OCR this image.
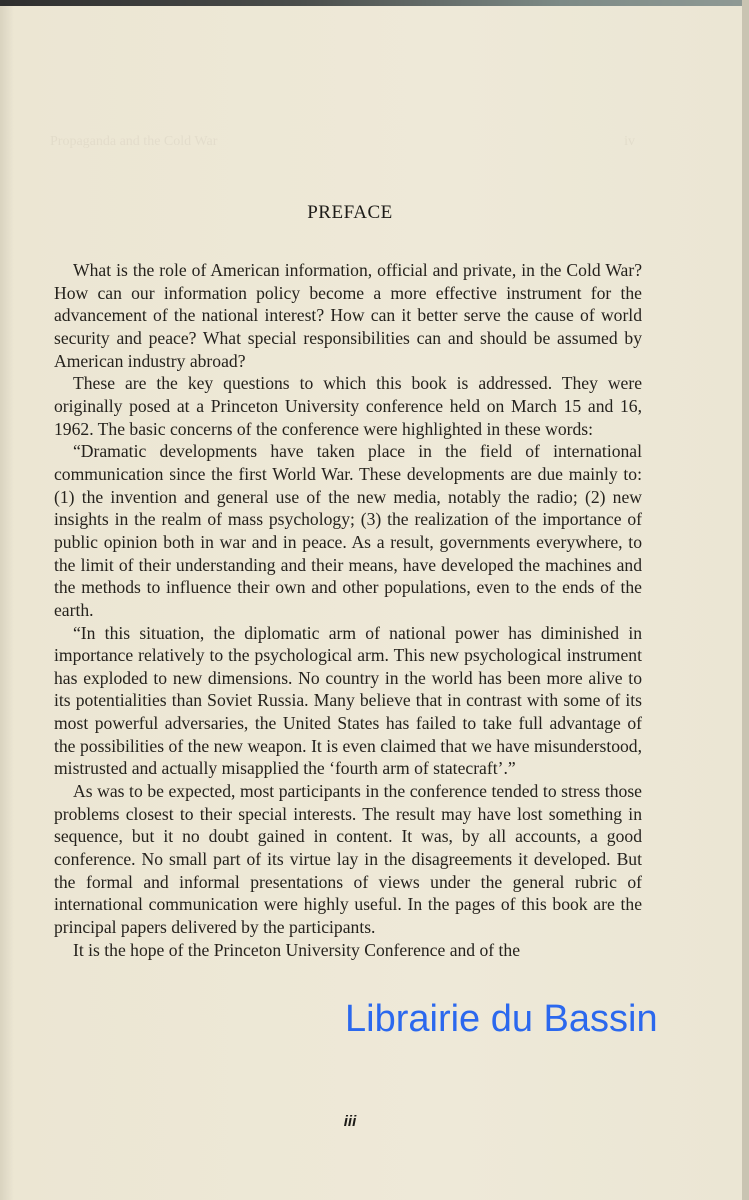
Propaganda and the Cold War	iv
PREFACE

What is the role of American information, official and private, in the Cold War? How can our information policy become a more effective instrument for the advancement of the national interest? How can it better serve the cause of world security and peace? What special responsibilities can and should be assumed by American industry abroad?

These are the key questions to which this book is addressed. They were originally posed at a Princeton University conference held on March 15 and 16, 1962. The basic concerns of the conference were highlighted in these words:

“Dramatic developments have taken place in the field of international communication since the first World War. These developments are due mainly to: (1) the invention and general use of the new media, notably the radio; (2) new insights in the realm of mass psychology; (3) the realization of the importance of public opinion both in war and in peace. As a result, governments everywhere, to the limit of their understanding and their means, have developed the machines and the methods to influence their own and other populations, even to the ends of the earth.

“In this situation, the diplomatic arm of national power has diminished in importance relatively to the psychological arm. This new psychological instrument has exploded to new dimensions. No country in the world has been more alive to its potentialities than Soviet Russia. Many believe that in contrast with some of its most powerful adversaries, the United States has failed to take full advantage of the possibilities of the new weapon. It is even claimed that we have misunderstood, mistrusted and actually misapplied the ‘fourth arm of statecraft’.”

As was to be expected, most participants in the conference tended to stress those problems closest to their special interests. The result may have lost something in sequence, but it no doubt gained in content. It was, by all accounts, a good conference. No small part of its virtue lay in the disagreements it developed. But the formal and informal presentations of views under the general rubric of international communication were highly useful. In the pages of this book are the principal papers delivered by the participants.

It is the hope of the Princeton University Conference and of the

iii
Librairie du Bassin
